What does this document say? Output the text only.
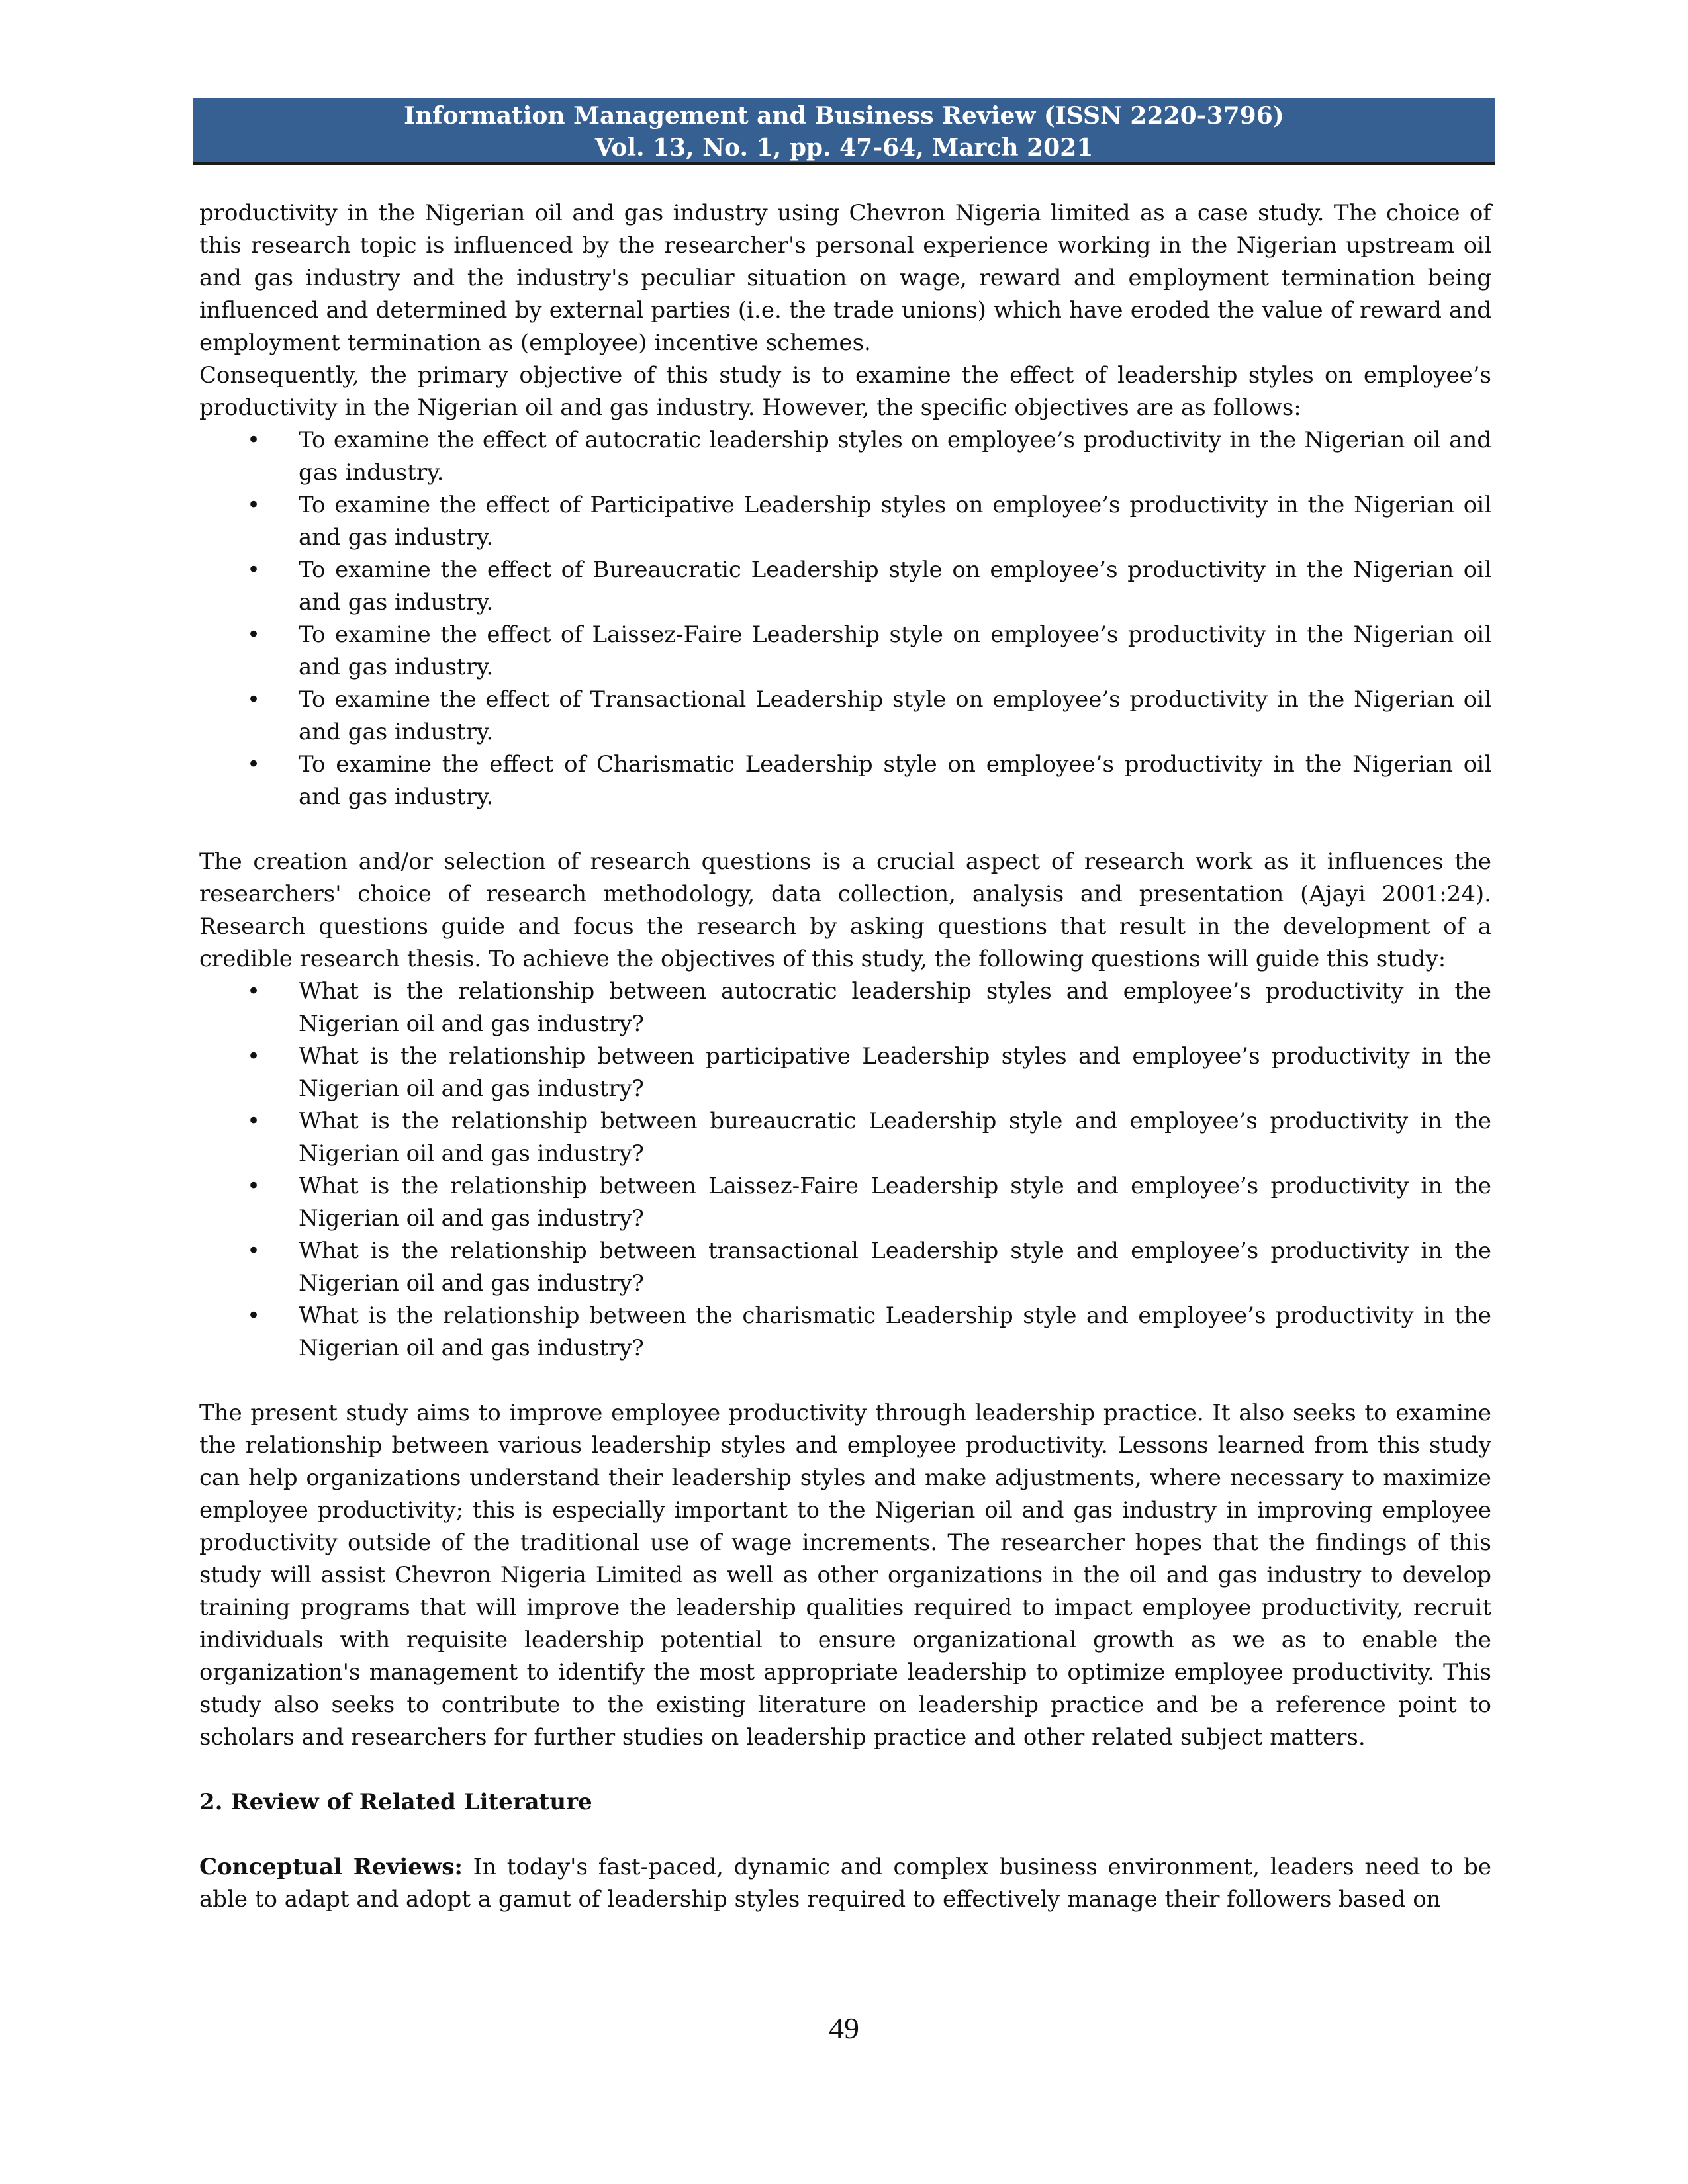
Information Management and Business Review (ISSN 2220-3796)
Vol. 13, No. 1, pp. 47-64, March 2021

productivity in the Nigerian oil and gas industry using Chevron Nigeria limited as a case study. The choice of this research topic is influenced by the researcher's personal experience working in the Nigerian upstream oil and gas industry and the industry's peculiar situation on wage, reward and employment termination being influenced and determined by external parties (i.e. the trade unions) which have eroded the value of reward and employment termination as (employee) incentive schemes.

Consequently, the primary objective of this study is to examine the effect of leadership styles on employee’s productivity in the Nigerian oil and gas industry. However, the specific objectives are as follows:

• To examine the effect of autocratic leadership styles on employee’s productivity in the Nigerian oil and gas industry.
• To examine the effect of Participative Leadership styles on employee’s productivity in the Nigerian oil and gas industry.
• To examine the effect of Bureaucratic Leadership style on employee’s productivity in the Nigerian oil and gas industry.
• To examine the effect of Laissez-Faire Leadership style on employee’s productivity in the Nigerian oil and gas industry.
• To examine the effect of Transactional Leadership style on employee’s productivity in the Nigerian oil and gas industry.
• To examine the effect of Charismatic Leadership style on employee’s productivity in the Nigerian oil and gas industry.

The creation and/or selection of research questions is a crucial aspect of research work as it influences the researchers' choice of research methodology, data collection, analysis and presentation (Ajayi 2001:24). Research questions guide and focus the research by asking questions that result in the development of a credible research thesis. To achieve the objectives of this study, the following questions will guide this study:

• What is the relationship between autocratic leadership styles and employee’s productivity in the Nigerian oil and gas industry?
• What is the relationship between participative Leadership styles and employee’s productivity in the Nigerian oil and gas industry?
• What is the relationship between bureaucratic Leadership style and employee’s productivity in the Nigerian oil and gas industry?
• What is the relationship between Laissez-Faire Leadership style and employee’s productivity in the Nigerian oil and gas industry?
• What is the relationship between transactional Leadership style and employee’s productivity in the Nigerian oil and gas industry?
• What is the relationship between the charismatic Leadership style and employee’s productivity in the Nigerian oil and gas industry?

The present study aims to improve employee productivity through leadership practice. It also seeks to examine the relationship between various leadership styles and employee productivity. Lessons learned from this study can help organizations understand their leadership styles and make adjustments, where necessary to maximize employee productivity; this is especially important to the Nigerian oil and gas industry in improving employee productivity outside of the traditional use of wage increments. The researcher hopes that the findings of this study will assist Chevron Nigeria Limited as well as other organizations in the oil and gas industry to develop training programs that will improve the leadership qualities required to impact employee productivity, recruit individuals with requisite leadership potential to ensure organizational growth as we as to enable the organization's management to identify the most appropriate leadership to optimize employee productivity. This study also seeks to contribute to the existing literature on leadership practice and be a reference point to scholars and researchers for further studies on leadership practice and other related subject matters.

2. Review of Related Literature

Conceptual Reviews: In today's fast-paced, dynamic and complex business environment, leaders need to be able to adapt and adopt a gamut of leadership styles required to effectively manage their followers based on

49
